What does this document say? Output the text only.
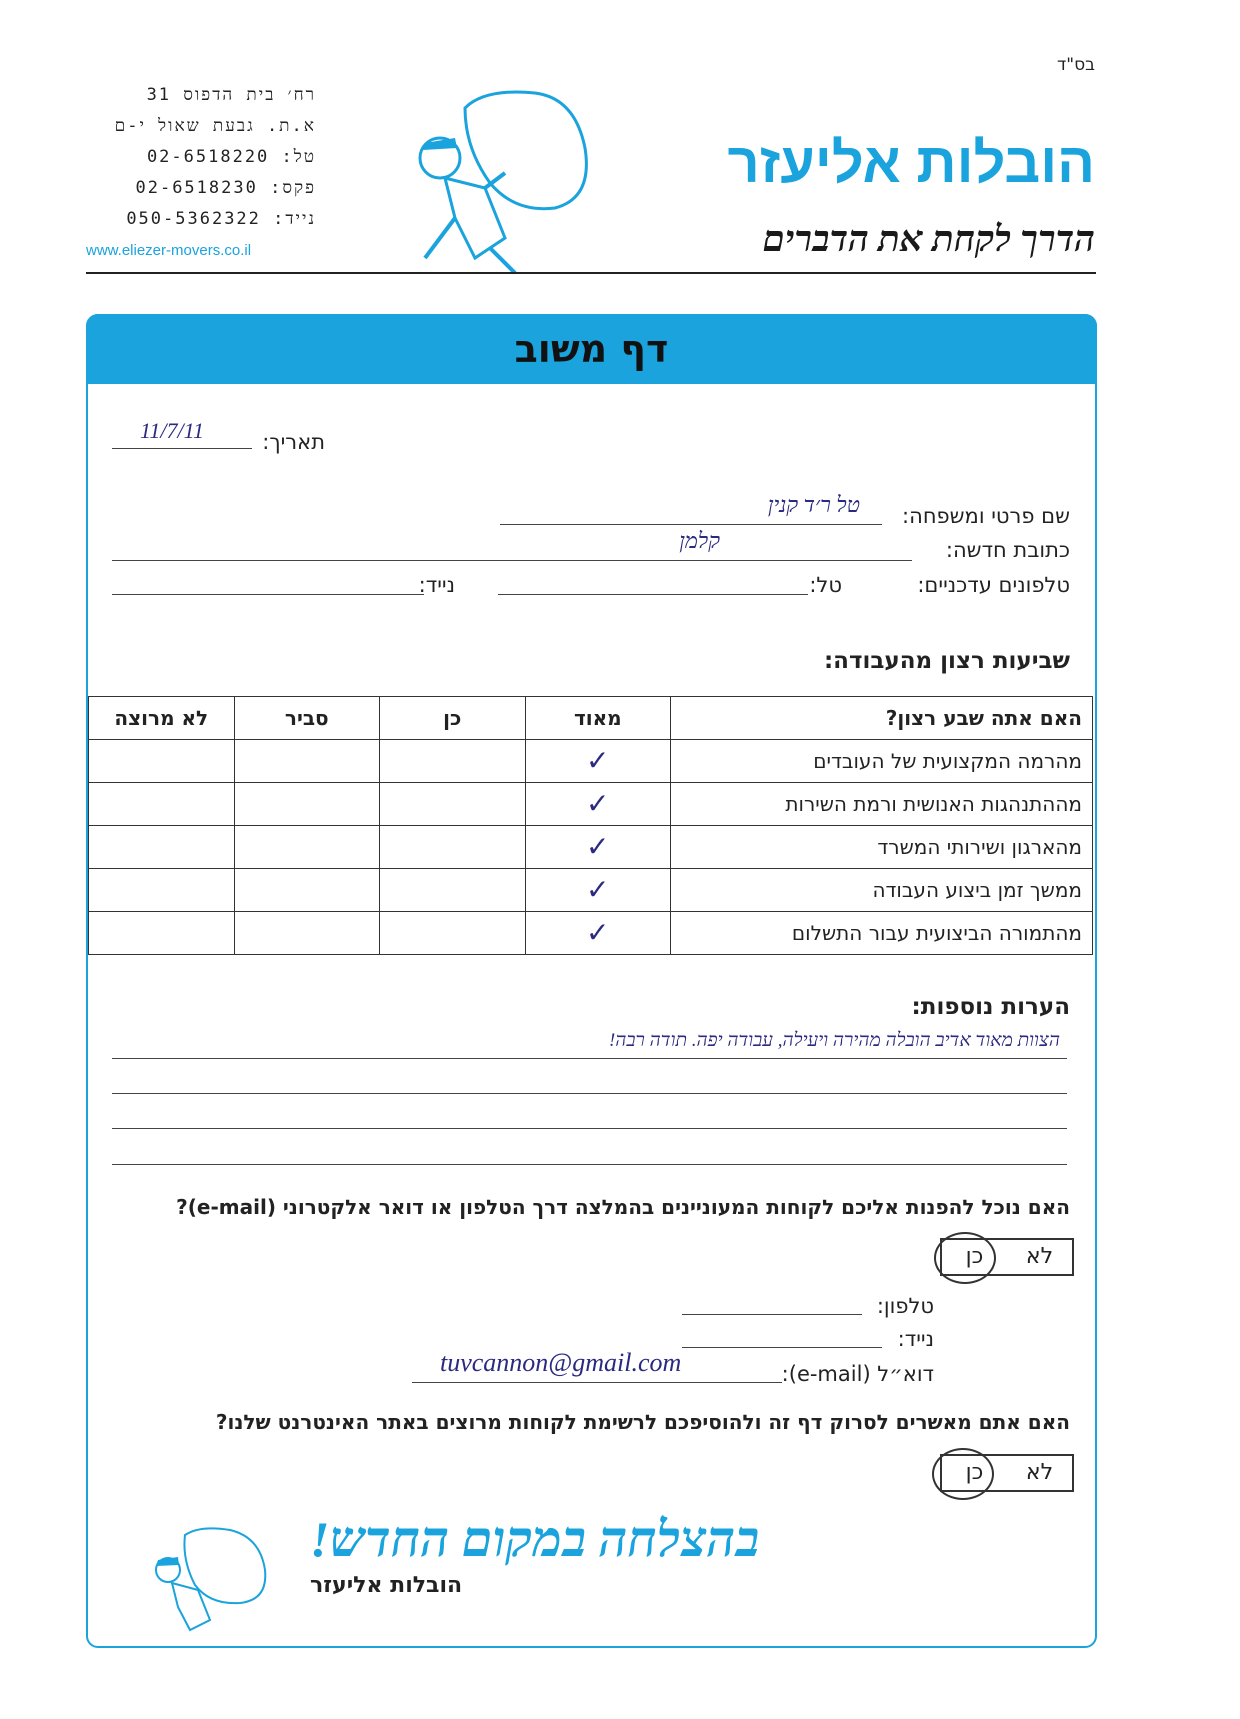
בס"ד
רח׳ בית הדפוס 31
א.ת. גבעת שאול י-ם
טל: 02-6518220
פקס: 02-6518230
נייד: 050-5362322
www.eliezer-movers.co.il
הובלות אליעזר
הדרך לקחת את הדברים
דף משוב
תאריך:
11/7/11
שם פרטי ומשפחה:
טל ר׳ד קנין
כתובת חדשה:
קלמן
טלפונים עדכניים:
טל:
נייד:
שביעות רצון מהעבודה:
האם אתה שבע רצון?	מאוד	כן	סביר	לא מרוצה
מהרמה המקצועית של העובדים	✓			
מההתנהגות האנושית ורמת השירות	✓			
מהארגון ושירותי המשרד	✓			
ממשך זמן ביצוע העבודה	✓			
מהתמורה הביצועית עבור התשלום	✓			
הערות נוספות:
הצוות מאוד אדיב הובלה מהירה ויעילה, עבודה יפה. תודה רבה!
האם נוכל להפנות אליכם לקוחות המעוניינים בהמלצה דרך הטלפון או דואר אלקטרוני (e-mail)?
לא
כן
טלפון:
נייד:
דוא״ל (e-mail):
tuvcannon@gmail.com
האם אתם מאשרים לסרוק דף זה ולהוסיפכם לרשימת לקוחות מרוצים באתר האינטרנט שלנו?
לא
כן
בהצלחה במקום החדש!
הובלות אליעזר
